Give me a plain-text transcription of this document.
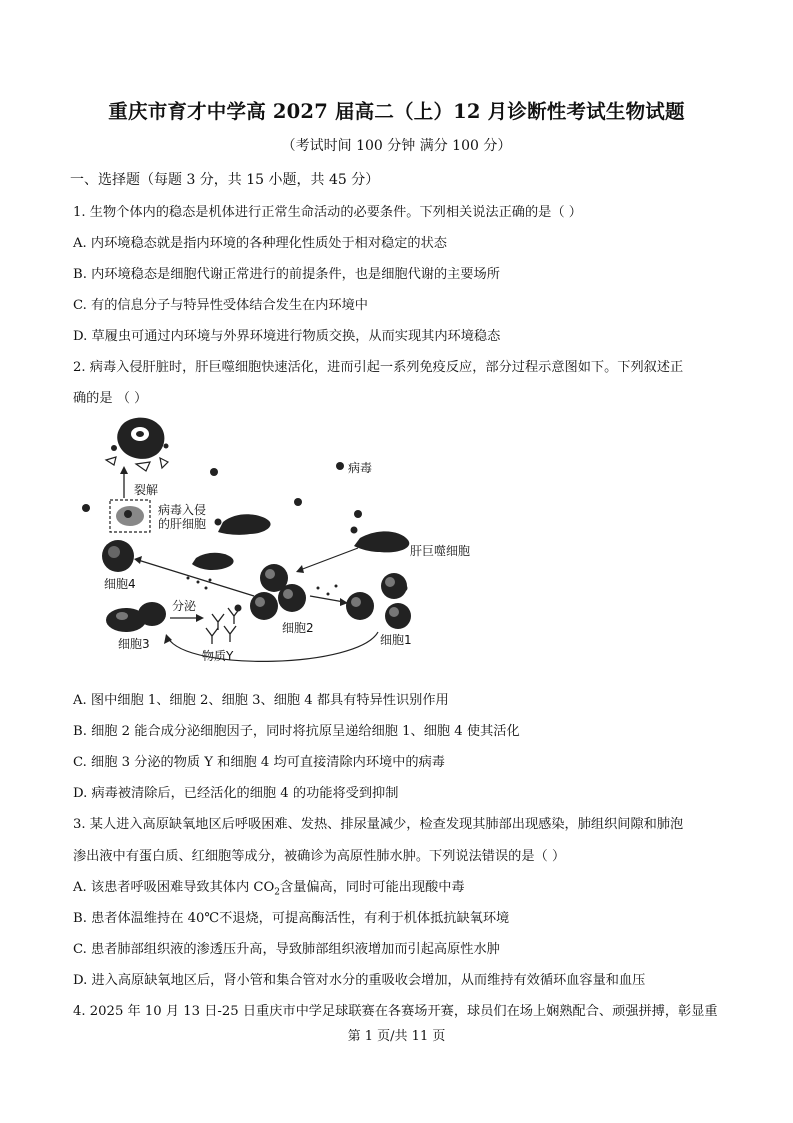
重庆市育才中学高 2027 届高二（上）12 月诊断性考试生物试题
（考试时间 100 分钟 满分 100 分）
一、选择题（每题 3 分，共 15 小题，共 45 分）
1. 生物个体内的稳态是机体进行正常生命活动的必要条件。下列相关说法正确的是（ ）
A. 内环境稳态就是指内环境的各种理化性质处于相对稳定的状态
B. 内环境稳态是细胞代谢正常进行的前提条件，也是细胞代谢的主要场所
C. 有的信息分子与特异性受体结合发生在内环境中
D. 草履虫可通过内环境与外界环境进行物质交换，从而实现其内环境稳态
2. 病毒入侵肝脏时，肝巨噬细胞快速活化，进而引起一系列免疫反应，部分过程示意图如下。下列叙述正
确的是 （ ）
裂解
病毒入侵
的肝细胞
病毒
肝巨噬细胞
细胞4
细胞2
细胞1
细胞3
分泌
物质Y
A. 图中细胞 1、细胞 2、细胞 3、细胞 4 都具有特异性识别作用
B. 细胞 2 能合成分泌细胞因子，同时将抗原呈递给细胞 1、细胞 4 使其活化
C. 细胞 3 分泌的物质 Y 和细胞 4 均可直接清除内环境中的病毒
D. 病毒被清除后，已经活化的细胞 4 的功能将受到抑制
3. 某人进入高原缺氧地区后呼吸困难、发热、排尿量减少，检查发现其肺部出现感染，肺组织间隙和肺泡
渗出液中有蛋白质、红细胞等成分，被确诊为高原性肺水肿。下列说法错误的是（ ）
A. 该患者呼吸困难导致其体内 $CO_2$含量偏高，同时可能出现酸中毒
B. 患者体温维持在 40℃不退烧，可提高酶活性，有利于机体抵抗缺氧环境
C. 患者肺部组织液的渗透压升高，导致肺部组织液增加而引起高原性水肿
D. 进入高原缺氧地区后，肾小管和集合管对水分的重吸收会增加，从而维持有效循环血容量和血压
4. 2025 年 10 月 13 日-25 日重庆市中学足球联赛在各赛场开赛，球员们在场上娴熟配合、顽强拼搏，彰显重
第 1 页/共 11 页
